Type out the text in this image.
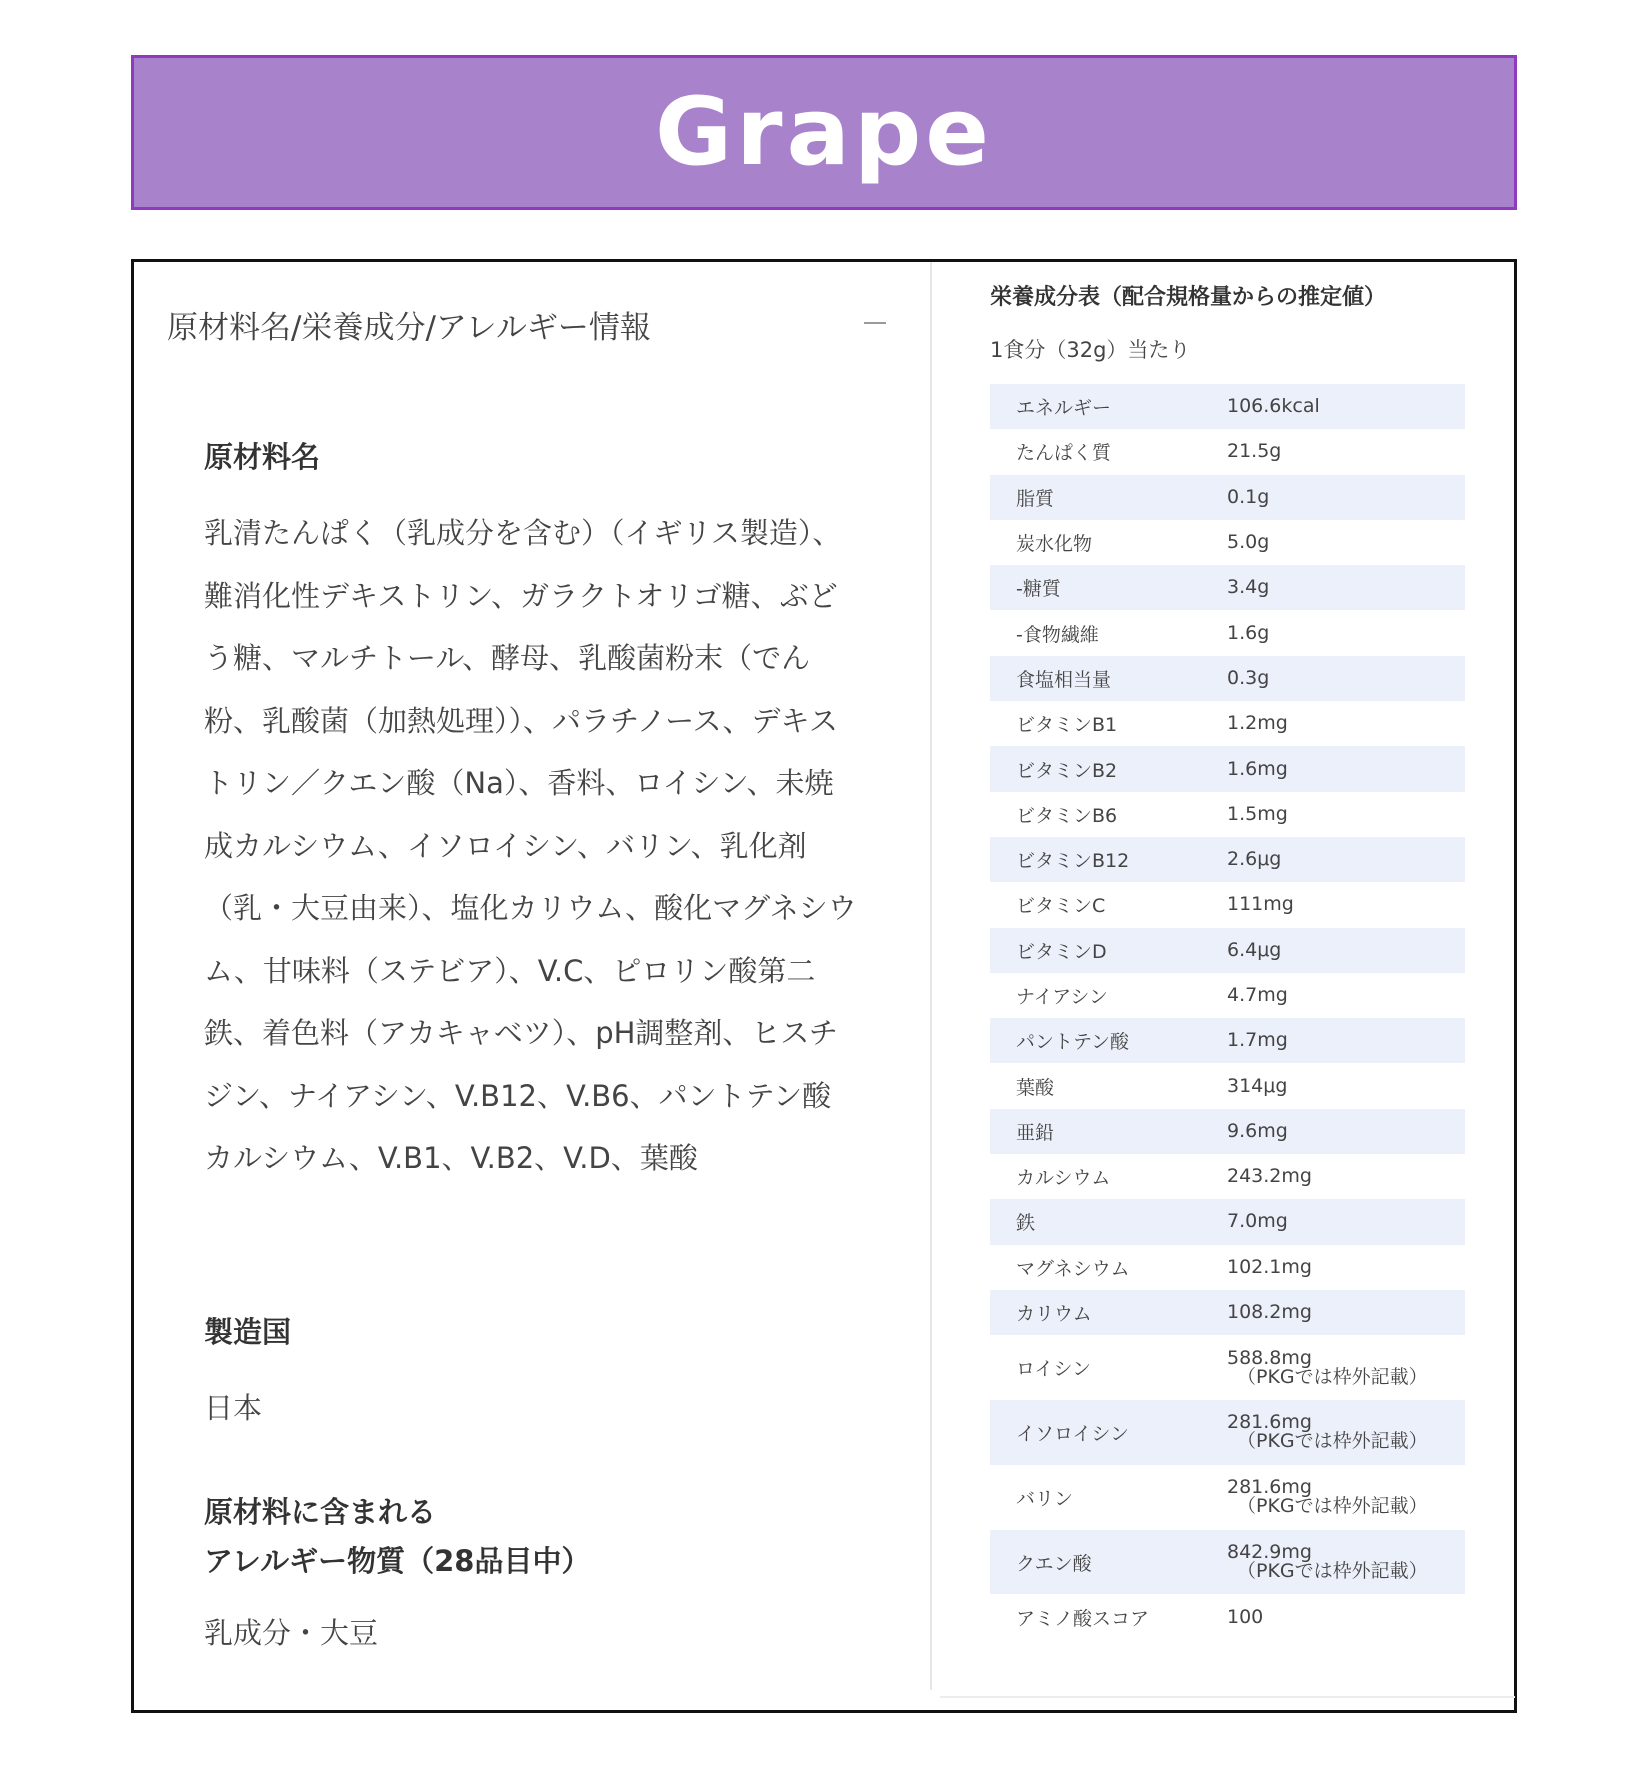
Grape
原材料名/栄養成分/アレルギー情報
原材料名
乳清たんぱく（乳成分を含む）（イギリス製造）、難消化性デキストリン、ガラクトオリゴ糖、ぶどう糖、マルチトール、酵母、乳酸菌粉末（でん粉、乳酸菌（加熱処理））、パラチノース、デキストリン／クエン酸（Na）、香料、ロイシン、未焼成カルシウム、イソロイシン、バリン、乳化剤（乳・大豆由来）、塩化カリウム、酸化マグネシウム、甘味料（ステビア）、V.C、ピロリン酸第二鉄、着色料（アカキャベツ）、pH調整剤、ヒスチジン、ナイアシン、V.B12、V.B6、パントテン酸カルシウム、V.B1、V.B2、V.D、葉酸
製造国
日本
原材料に含まれる
アレルギー物質（28品目中）
乳成分・大豆
栄養成分表（配合規格量からの推定値）
1食分（32g）当たり
エネルギー	106.6kcal
たんぱく質	21.5g
脂質	0.1g
炭水化物	5.0g
-糖質	3.4g
-食物繊維	1.6g
食塩相当量	0.3g
ビタミンB1	1.2mg
ビタミンB2	1.6mg
ビタミンB6	1.5mg
ビタミンB12	2.6μg
ビタミンC	111mg
ビタミンD	6.4μg
ナイアシン	4.7mg
パントテン酸	1.7mg
葉酸	314μg
亜鉛	9.6mg
カルシウム	243.2mg
鉄	7.0mg
マグネシウム	102.1mg
カリウム	108.2mg
ロイシン	588.8mg
（PKGでは枠外記載）

イソロイシン	281.6mg
（PKGでは枠外記載）

バリン	281.6mg
（PKGでは枠外記載）

クエン酸	842.9mg
（PKGでは枠外記載）

アミノ酸スコア	100
